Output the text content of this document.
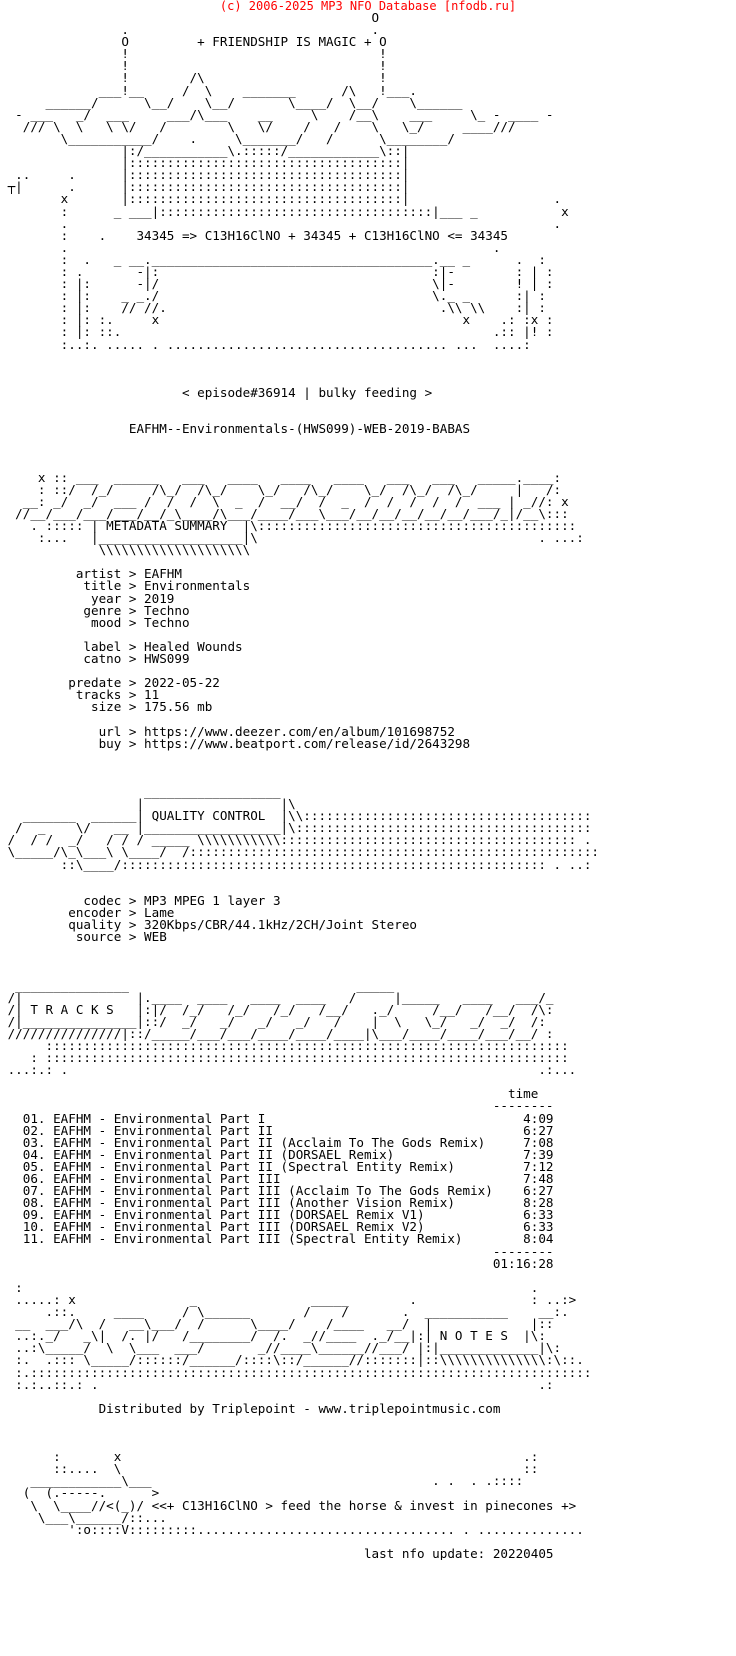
(c) 2006-2025 MP3 NFO Database [nfodb.ru]
O
.                                .
O         + FRIENDSHIP IS MAGIC + O
!                                 !
!                                 !
!        /\                       !
___!__     /  \    _______      /\   !___.
______/      \__/    \__/       \____/  \__/    \______
- ___   _/  ___     ___/\___    __     \    /__\    ___     \_ - ____ -
/// \  \   \ \/   /        \   \/    /   /    \   \_/     ____///
\___________/    .     \_______/   /      \________/
|:/___________\.:::::/____________\::|
|::::::::::::::::::::::::::::::::::::|
..     .      |::::::::::::::::::::::::::::::::::::|
┬|      .      |::::::::::::::::::::::::::::::::::::|
x       |::::::::::::::::::::::::::::::::::::|                   .
:      _ ___|::::::::::::::::::::::::::::::::::::|___ _           x
.                                                                .
:    .    34345 => C13H16ClNO + 34345 + C13H16ClNO <= 34345
.                                                        .
:  .   _ __._____________________________________.__ _      .  :
: .       -|:                                    :|-        : | :
: |:      -|/                                    \|-        ! | :
: |:    _ _./                                    \._ _      :| :
: |:    // //.                                    .\\ \\    :| :
: |: :.     x                                        x    .: :x :
: |: ::.                                                 .:: |! :
:..:. ..... . ..................................... ...  ....:

< episode#36914 | bulky feeding >

EAFHM--Environmentals-(HWS099)-WEB-2019-BABAS

x :: ___  ______   ___   ____   ____   ____   ___   ___   _____.____:
: ::/  /_/     /\_/  /\_/    \_/   /\_/    \_/  /\_/  /\_/     |   /:
__: _/  _/  ___ /  /  /  \  _  /  __/  /  _  /  /  /  /  /  ___ | _//: x
//__/___/___/___/__/_\____/\___/____/___\___/__/__/__/__/__/___/_|/__\:::
. ::::: | METADATA SUMMARY  |\::::::::::::::::::::::::::::::::::::::::::
:...   |___________________|\                                     . ...:
\\\\\\\\\\\\\\\\\\\\

artist > EAFHM
title > Environmentals
year > 2019
genre > Techno
mood > Techno

label > Healed Wounds
catno > HWS099

predate > 2022-05-22
tracks > 11
size > 175.56 mb

url > https://www.deezer.com/en/album/101698752
buy > https://www.beatport.com/release/id/2643298

__________________
|                  |\
_______  ______| QUALITY CONTROL  |\\::::::::::::::::::::::::::::::::::::::
/  _    \/   __ |__________________|\:::::::::::::::::::::::::::::::::::::::
/  / /  _/   / / / _____ \\\\\\\\\\\::::::::::::::::::::::::::::::::::::::: .
\_____/\_\___\ \____/  /::::::::::::::::::::::::::::::::::::::::::::::::::::::
::\____/:::::::::::::::::::::::::::::::::::::::::::::::::::::::: . ..:

codec > MP3 MPEG 1 layer 3
encoder > Lame
quality > 320Kbps/CBR/44.1kHz/2CH/Joint Stereo
source > WEB

_______________                              _____
/|               |.____  ____   ____  ____   /     |_____   ____   ___/_
/| T R A C K S   |:|/  /_/   /_/   /_/   /__/   ._/     /__/   /__/  /\:
/|_______________|::/  _/   _/   _/   _/   /    |  \   \_/   _/  _/  /:
///////////////|::/_____/___/___/____/____/____|\___/____/____/___/__/ :
:::::::::::::::::::::::::::::::::::::::::::::::::::::::::::::::::::::
: :::::::::::::::::::::::::::::::::::::::::::::::::::::::::::::::::::::
...:.: .                                                              .:...

time
--------
01. EAFHM - Environmental Part I                                  4:09
02. EAFHM - Environmental Part II                                 6:27
03. EAFHM - Environmental Part II (Acclaim To The Gods Remix)     7:08
04. EAFHM - Environmental Part II (DORSAEL Remix)                 7:39
05. EAFHM - Environmental Part II (Spectral Entity Remix)         7:12
06. EAFHM - Environmental Part III                                7:48
07. EAFHM - Environmental Part III (Acclaim To The Gods Remix)    6:27
08. EAFHM - Environmental Part III (Another Vision Remix)         8:28
09. EAFHM - Environmental Part III (DORSAEL Remix V1)             6:33
10. EAFHM - Environmental Part III (DORSAEL Remix V2)             6:33
11. EAFHM - Environmental Part III (Spectral Entity Remix)        8:04
--------
01:16:28

:                                                                   .
.....: x               _               _____        .               : ..:>
.::.     ____     / \______       /    /       .  ___________    __:.
__  ___/\  /   __\___/  /      \____/    /____   __/  |             |::
..:._/   _\|  /. |/   /________/  /.  _//____  ._/__|:| N O T E S  |\:
..:\_____/  \  \___  ___/       _//____\______//___/ |:|_____________|\:
:.  .::: \_____/::::::/______/::::\::/______//:::::::|::\\\\\\\\\\\\\\:\::.
:.::::::::::::::::::::::::::::::::::::::::::::::::::::::::::::::::::::::::::
:.:..::.: .                                                          .:

Distributed by Triplepoint - www.triplepointmusic.com

:       x                                                     .:
::....  \                                                     ::
____________\___                                     . .  . .::::
(  (.-----.      >
\  \____//<(_)/ <<+ C13H16ClNO > feed the horse & invest in pinecones +>
\___\______/::...
':o::::V:::::::::.................................. . ..............

last nfo update: 20220405
